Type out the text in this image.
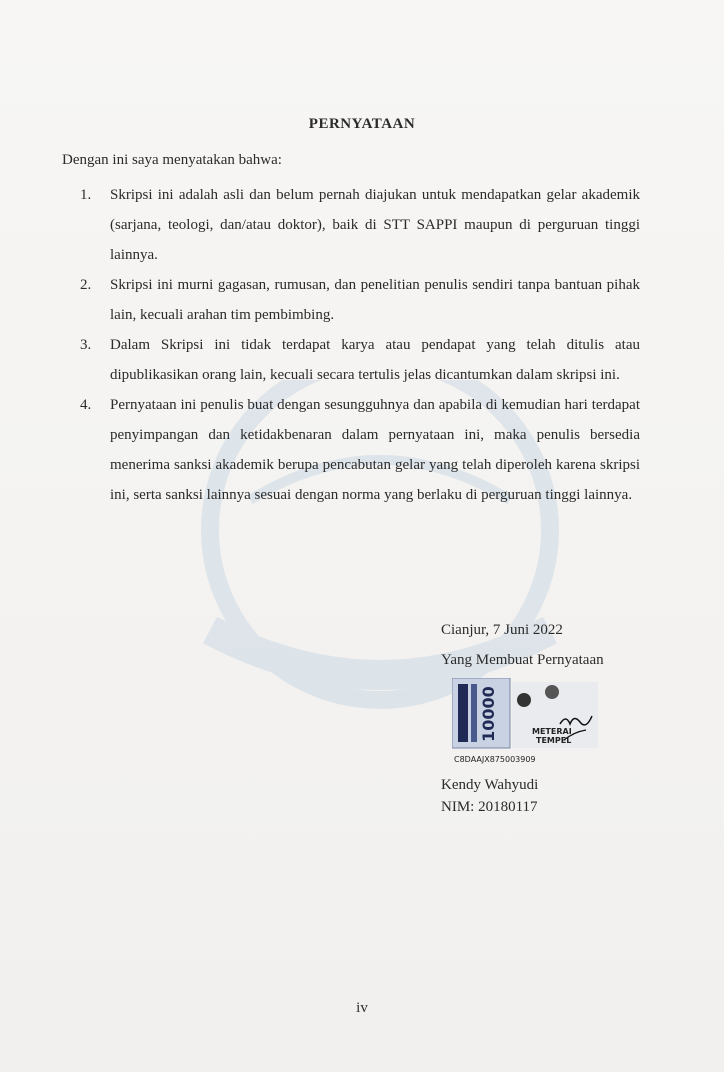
PERNYATAAN
Dengan ini saya menyatakan bahwa:
1.	Skripsi ini adalah asli dan belum pernah diajukan untuk mendapatkan gelar akademik (sarjana, teologi, dan/atau doktor), baik di STT SAPPI maupun di perguruan tinggi lainnya.
2.	Skripsi ini murni gagasan, rumusan, dan penelitian penulis sendiri tanpa bantuan pihak lain, kecuali arahan tim pembimbing.
3.	Dalam Skripsi ini tidak terdapat karya atau pendapat yang telah ditulis atau dipublikasikan orang lain, kecuali secara tertulis jelas dicantumkan dalam skripsi ini.
4.	Pernyataan ini penulis buat dengan sesungguhnya dan apabila di kemudian hari terdapat penyimpangan dan ketidakbenaran dalam pernyataan ini, maka penulis bersedia menerima sanksi akademik berupa pencabutan gelar yang telah diperoleh karena skripsi ini, serta sanksi lainnya sesuai dengan norma yang berlaku di perguruan tinggi lainnya.
Cianjur, 7 Juni 2022
Yang Membuat Pernyataan
10000	METERAI
TEMPEL
C8DAAJX875003909
Kendy Wahyudi
NIM: 20180117
iv
